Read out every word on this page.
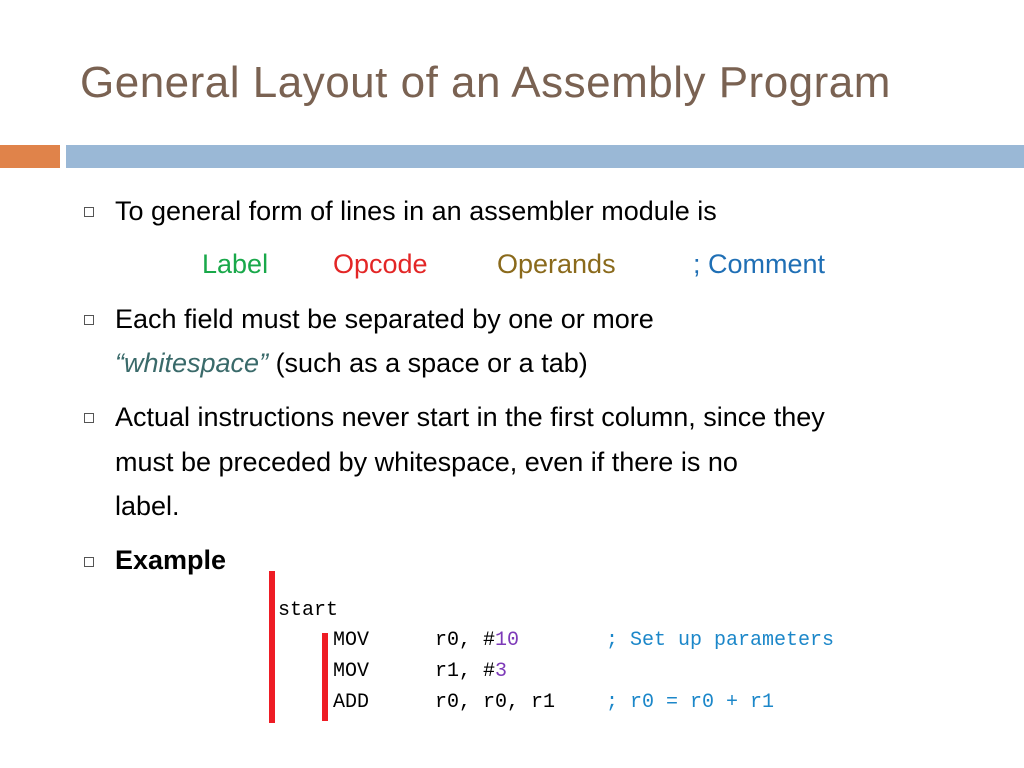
General Layout of an Assembly Program
To general form of lines in an assembler module is
Label Opcode	Operands	; Comment
Each field must be separated by one or more
“whitespace” (such as a space or a tab)
Actual instructions never start in the first column, since they
must be preceded by whitespace, even if there is no
label.
Example
start
MOV	r0, #10	; Set up parameters
MOV	r1, #3
ADD	r0, r0, r1	; r0 = r0 + r1
